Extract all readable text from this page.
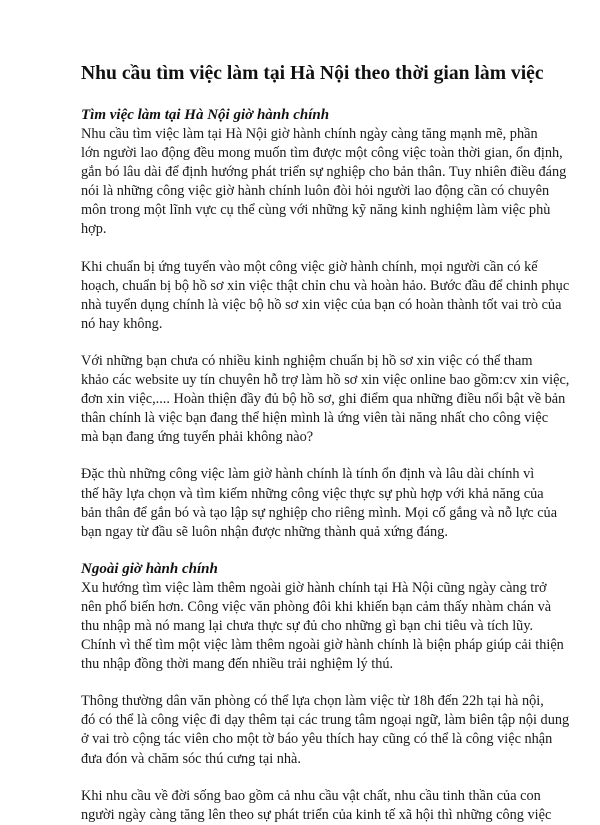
Nhu cầu tìm việc làm tại Hà Nội theo thời gian làm việc
Tìm việc làm tại Hà Nội giờ hành chính

Nhu cầu tìm việc làm tại Hà Nội giờ hành chính ngày càng tăng mạnh mẽ, phần
lớn người lao động đều mong muốn tìm được một công việc toàn thời gian, ổn định,
gắn bó lâu dài để định hướng phát triển sự nghiệp cho bản thân. Tuy nhiên điều đáng
nói là những công việc giờ hành chính luôn đòi hỏi người lao động cần có chuyên
môn trong một lĩnh vực cụ thể cùng với những kỹ năng kinh nghiệm làm việc phù
hợp.

Khi chuẩn bị ứng tuyển vào một công việc giờ hành chính, mọi người cần có kế
hoạch, chuẩn bị bộ hồ sơ xin việc thật chỉn chu và hoàn hảo. Bước đầu để chinh phục
nhà tuyển dụng chính là việc bộ hồ sơ xin việc của bạn có hoàn thành tốt vai trò của
nó hay không.

Với những bạn chưa có nhiều kinh nghiệm chuẩn bị hồ sơ xin việc có thể tham
khảo các website uy tín chuyên hỗ trợ làm hồ sơ xin việc online bao gồm:cv xin việc,
đơn xin việc,.... Hoàn thiện đầy đủ bộ hồ sơ, ghi điểm qua những điều nổi bật về bản
thân chính là việc bạn đang thể hiện mình là ứng viên tài năng nhất cho công việc
mà bạn đang ứng tuyển phải không nào?

Đặc thù những công việc làm giờ hành chính là tính ổn định và lâu dài chính vì
thế hãy lựa chọn và tìm kiếm những công việc thực sự phù hợp với khả năng của
bản thân để gắn bó và tạo lập sự nghiệp cho riêng mình. Mọi cố gắng và nỗ lực của
bạn ngay từ đầu sẽ luôn nhận được những thành quả xứng đáng.

Ngoài giờ hành chính

Xu hướng tìm việc làm thêm ngoài giờ hành chính tại Hà Nội cũng ngày càng trở
nên phổ biến hơn. Công việc văn phòng đôi khi khiến bạn cảm thấy nhàm chán và
thu nhập mà nó mang lại chưa thực sự đủ cho những gì bạn chi tiêu và tích lũy.
Chính vì thế tìm một việc làm thêm ngoài giờ hành chính là biện pháp giúp cải thiện
thu nhập đồng thời mang đến nhiều trải nghiệm lý thú.

Thông thường dân văn phòng có thể lựa chọn làm việc từ 18h đến 22h tại hà nội,
đó có thể là công việc đi dạy thêm tại các trung tâm ngoại ngữ, làm biên tập nội dung
ở vai trò cộng tác viên cho một tờ báo yêu thích hay cũng có thể là công việc nhận
đưa đón và chăm sóc thú cưng tại nhà.

Khi nhu cầu về đời sống bao gồm cả nhu cầu vật chất, nhu cầu tinh thần của con
người ngày càng tăng lên theo sự phát triển của kinh tế xã hội thì những công việc
